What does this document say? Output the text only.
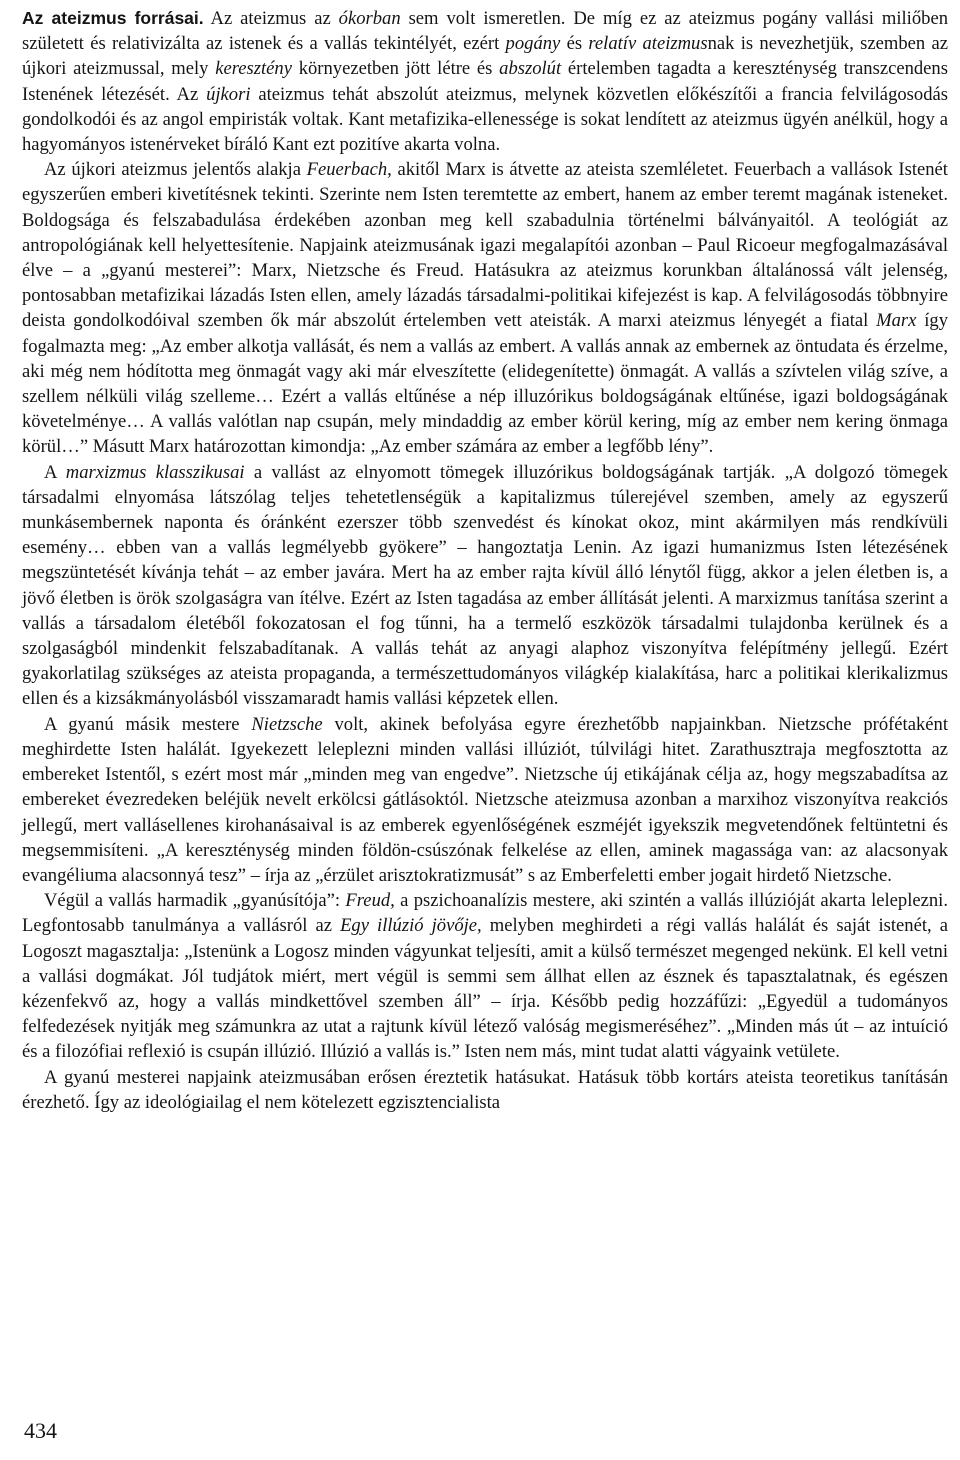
Az ateizmus forrásai. Az ateizmus az ókorban sem volt ismeretlen. De míg ez az ateizmus pogány vallási miliőben született és relativizálta az istenek és a vallás tekintélyét, ezért pogány és relatív ateizmusnak is nevezhetjük, szemben az újkori ateizmussal, mely keresztény környezetben jött létre és abszolút értelemben tagadta a kereszténység transzcendens Istenének létezését. Az újkori ateizmus tehát abszolút ateizmus, melynek közvetlen előkészítői a francia felvilágosodás gondolkodói és az angol empiristák voltak. Kant metafizika-ellenessége is sokat lendített az ateizmus ügyén anélkül, hogy a hagyományos istenérveket bíráló Kant ezt pozitíve akarta volna.

Az újkori ateizmus jelentős alakja Feuerbach, akitől Marx is átvette az ateista szemléletet. Feuerbach a vallások Istenét egyszerűen emberi kivetítésnek tekinti. Szerinte nem Isten teremtette az embert, hanem az ember teremt magának isteneket. Boldogsága és felszabadulása érdekében azonban meg kell szabadulnia történelmi bálványaitól. A teológiát az antropológiának kell helyettesítenie. Napjaink ateizmusának igazi megalapítói azonban – Paul Ricoeur megfogalmazásával élve – a „gyanú mesterei”: Marx, Nietzsche és Freud. Hatásukra az ateizmus korunkban általánossá vált jelenség, pontosabban metafizikai lázadás Isten ellen, amely lázadás társadalmi-politikai kifejezést is kap. A felvilágosodás többnyire deista gondolkodóival szemben ők már abszolút értelemben vett ateisták. A marxi ateizmus lényegét a fiatal Marx így fogalmazta meg: „Az ember alkotja vallását, és nem a vallás az embert. A vallás annak az embernek az öntudata és érzelme, aki még nem hódította meg önmagát vagy aki már elveszítette (elidegenítette) önmagát. A vallás a szívtelen világ szíve, a szellem nélküli világ szelleme… Ezért a vallás eltűnése a nép illuzórikus boldogságának eltűnése, igazi boldogságának követelménye… A vallás valótlan nap csupán, mely mindaddig az ember körül kering, míg az ember nem kering önmaga körül…” Másutt Marx határozottan kimondja: „Az ember számára az ember a legfőbb lény”.

A marxizmus klasszikusai a vallást az elnyomott tömegek illuzórikus boldogságának tartják. „A dolgozó tömegek társadalmi elnyomása látszólag teljes tehetetlenségük a kapitalizmus túlerejével szemben, amely az egyszerű munkásembernek naponta és óránként ezerszer több szenvedést és kínokat okoz, mint akármilyen más rendkívüli esemény… ebben van a vallás legmélyebb gyökere” – hangoztatja Lenin. Az igazi humanizmus Isten létezésének megszüntetését kívánja tehát – az ember javára. Mert ha az ember rajta kívül álló lénytől függ, akkor a jelen életben is, a jövő életben is örök szolgaságra van ítélve. Ezért az Isten tagadása az ember állítását jelenti. A marxizmus tanítása szerint a vallás a társadalom életéből fokozatosan el fog tűnni, ha a termelő eszközök társadalmi tulajdonba kerülnek és a szolgaságból mindenkit felszabadítanak. A vallás tehát az anyagi alaphoz viszonyítva felépítmény jellegű. Ezért gyakorlatilag szükséges az ateista propaganda, a természettudományos világkép kialakítása, harc a politikai klerikalizmus ellen és a kizsákmányolásból visszamaradt hamis vallási képzetek ellen.

A gyanú másik mestere Nietzsche volt, akinek befolyása egyre érezhetőbb napjainkban. Nietzsche prófétaként meghirdette Isten halálát. Igyekezett leleplezni minden vallási illúziót, túlvilági hitet. Zarathusztraja megfosztotta az embereket Istentől, s ezért most már „minden meg van engedve”. Nietzsche új etikájának célja az, hogy megszabadítsa az embereket évezredeken beléjük nevelt erkölcsi gátlásoktól. Nietzsche ateizmusa azonban a marxihoz viszonyítva reakciós jellegű, mert vallásellenes kirohanásaival is az emberek egyenlőségének eszméjét igyekszik megvetendőnek feltüntetni és megsemmisíteni. „A kereszténység minden földön-csúszónak felkelése az ellen, aminek magassága van: az alacsonyak evangéliuma alacsonnyá tesz” – írja az „érzület arisztokratizmusát” s az Emberfeletti ember jogait hirdető Nietzsche.

Végül a vallás harmadik „gyanúsítója”: Freud, a pszichoanalízis mestere, aki szintén a vallás illúzióját akarta leleplezni. Legfontosabb tanulmánya a vallásról az Egy illúzió jövője, melyben meghirdeti a régi vallás halálát és saját istenét, a Logoszt magasztalja: „Istenünk a Logosz minden vágyunkat teljesíti, amit a külső természet megenged nekünk. El kell vetni a vallási dogmákat. Jól tudjátok miért, mert végül is semmi sem állhat ellen az észnek és tapasztalatnak, és egészen kézenfekvő az, hogy a vallás mindkettővel szemben áll” – írja. Később pedig hozzáfűzi: „Egyedül a tudományos felfedezések nyitják meg számunkra az utat a rajtunk kívül létező valóság megismeréséhez”. „Minden más út – az intuíció és a filozófiai reflexió is csupán illúzió. Illúzió a vallás is.” Isten nem más, mint tudat alatti vágyaink vetülete.

A gyanú mesterei napjaink ateizmusában erősen éreztetik hatásukat. Hatásuk több kortárs ateista teoretikus tanításán érezhető. Így az ideológiailag el nem kötelezett egzisztencialista

434
